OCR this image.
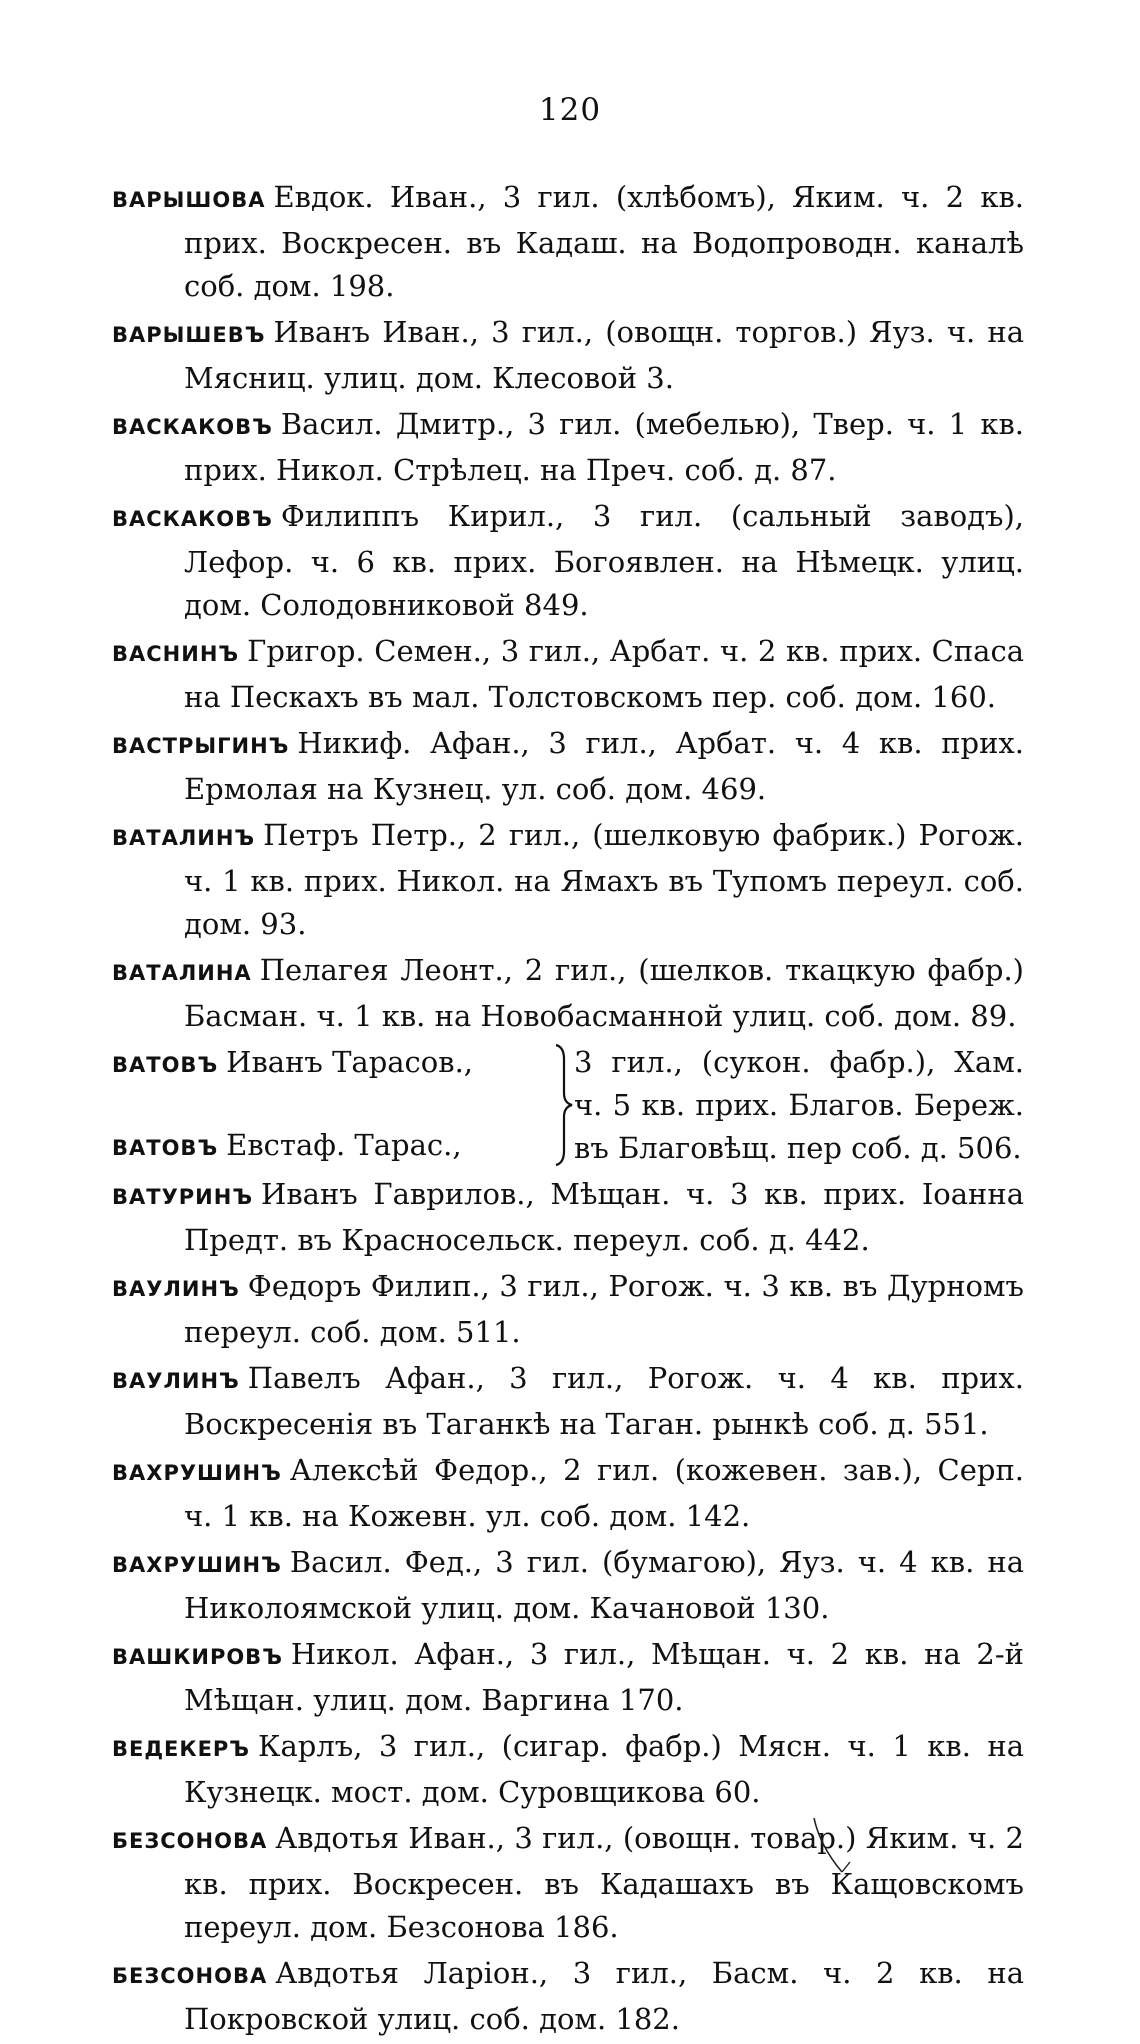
120
ВАРЫШОВА Евдок. Иван., 3 гил. (хлѣбомъ), Яким. ч. 2 кв. прих. Воскресен. въ Кадаш. на Водопроводн. каналѣ соб. дом. 198.
ВАРЫШЕВЪ Иванъ Иван., 3 гил., (овощн. торгов.) Яуз. ч. на Мясниц. улиц. дом. Клесовой 3.
ВАСКАКОВЪ Васил. Дмитр., 3 гил. (мебелью), Твер. ч. 1 кв. прих. Никол. Стрѣлец. на Преч. соб. д. 87.
ВАСКАКОВЪ Филиппъ Кирил., 3 гил. (сальный заводъ), Лефор. ч. 6 кв. прих. Богоявлен. на Нѣмецк. улиц. дом. Солодовниковой 849.
ВАСНИНЪ Григор. Семен., 3 гил., Арбат. ч. 2 кв. прих. Спаса на Пескахъ въ мал. Толстовскомъ пер. соб. дом. 160.
ВАСТРЫГИНЪ Никиф. Афан., 3 гил., Арбат. ч. 4 кв. прих. Ермолая на Кузнец. ул. соб. дом. 469.
ВАТАЛИНЪ Петръ Петр., 2 гил., (шелковую фабрик.) Рогож. ч. 1 кв. прих. Никол. на Ямахъ въ Тупомъ переул. соб. дом. 93.
ВАТАЛИНА Пелагея Леонт., 2 гил., (шелков. ткацкую фабр.) Басман. ч. 1 кв. на Новобасманной улиц. соб. дом. 89.
ВАТОВЪ Иванъ Тарасов.,
ВАТОВЪ Евстаф. Тарас.,
3 гил., (сукон. фабр.), Хам.
ч. 5 кв. прих. Благов. Береж.
въ Благовѣщ. пер соб. д. 506.
ВАТУРИНЪ Иванъ Гаврилов., Мѣщан. ч. 3 кв. прих. Іоанна Предт. въ Красносельск. переул. соб. д. 442.
ВАУЛИНЪ Федоръ Филип., 3 гил., Рогож. ч. 3 кв. въ Дурномъ переул. соб. дом. 511.
ВАУЛИНЪ Павелъ Афан., 3 гил., Рогож. ч. 4 кв. прих. Воскресенія въ Таганкѣ на Таган. рынкѣ соб. д. 551.
ВАХРУШИНЪ Алексѣй Федор., 2 гил. (кожевен. зав.), Серп. ч. 1 кв. на Кожевн. ул. соб. дом. 142.
ВАХРУШИНЪ Васил. Фед., 3 гил. (бумагою), Яуз. ч. 4 кв. на Николоямской улиц. дом. Качановой 130.
ВАШКИРОВЪ Никол. Афан., 3 гил., Мѣщан. ч. 2 кв. на 2-й Мѣщан. улиц. дом. Варгина 170.
ВЕДЕКЕРЪ Карлъ, 3 гил., (сигар. фабр.) Мясн. ч. 1 кв. на Кузнецк. мост. дом. Суровщикова 60.
БЕЗСОНОВА Авдотья Иван., 3 гил., (овощн. товар.) Яким. ч. 2 кв. прих. Воскресен. въ Кадашахъ въ Кащовскомъ переул. дом. Безсонова 186.
БЕЗСОНОВА Авдотья Ларіон., 3 гил., Басм. ч. 2 кв. на Покровской улиц. соб. дом. 182.
